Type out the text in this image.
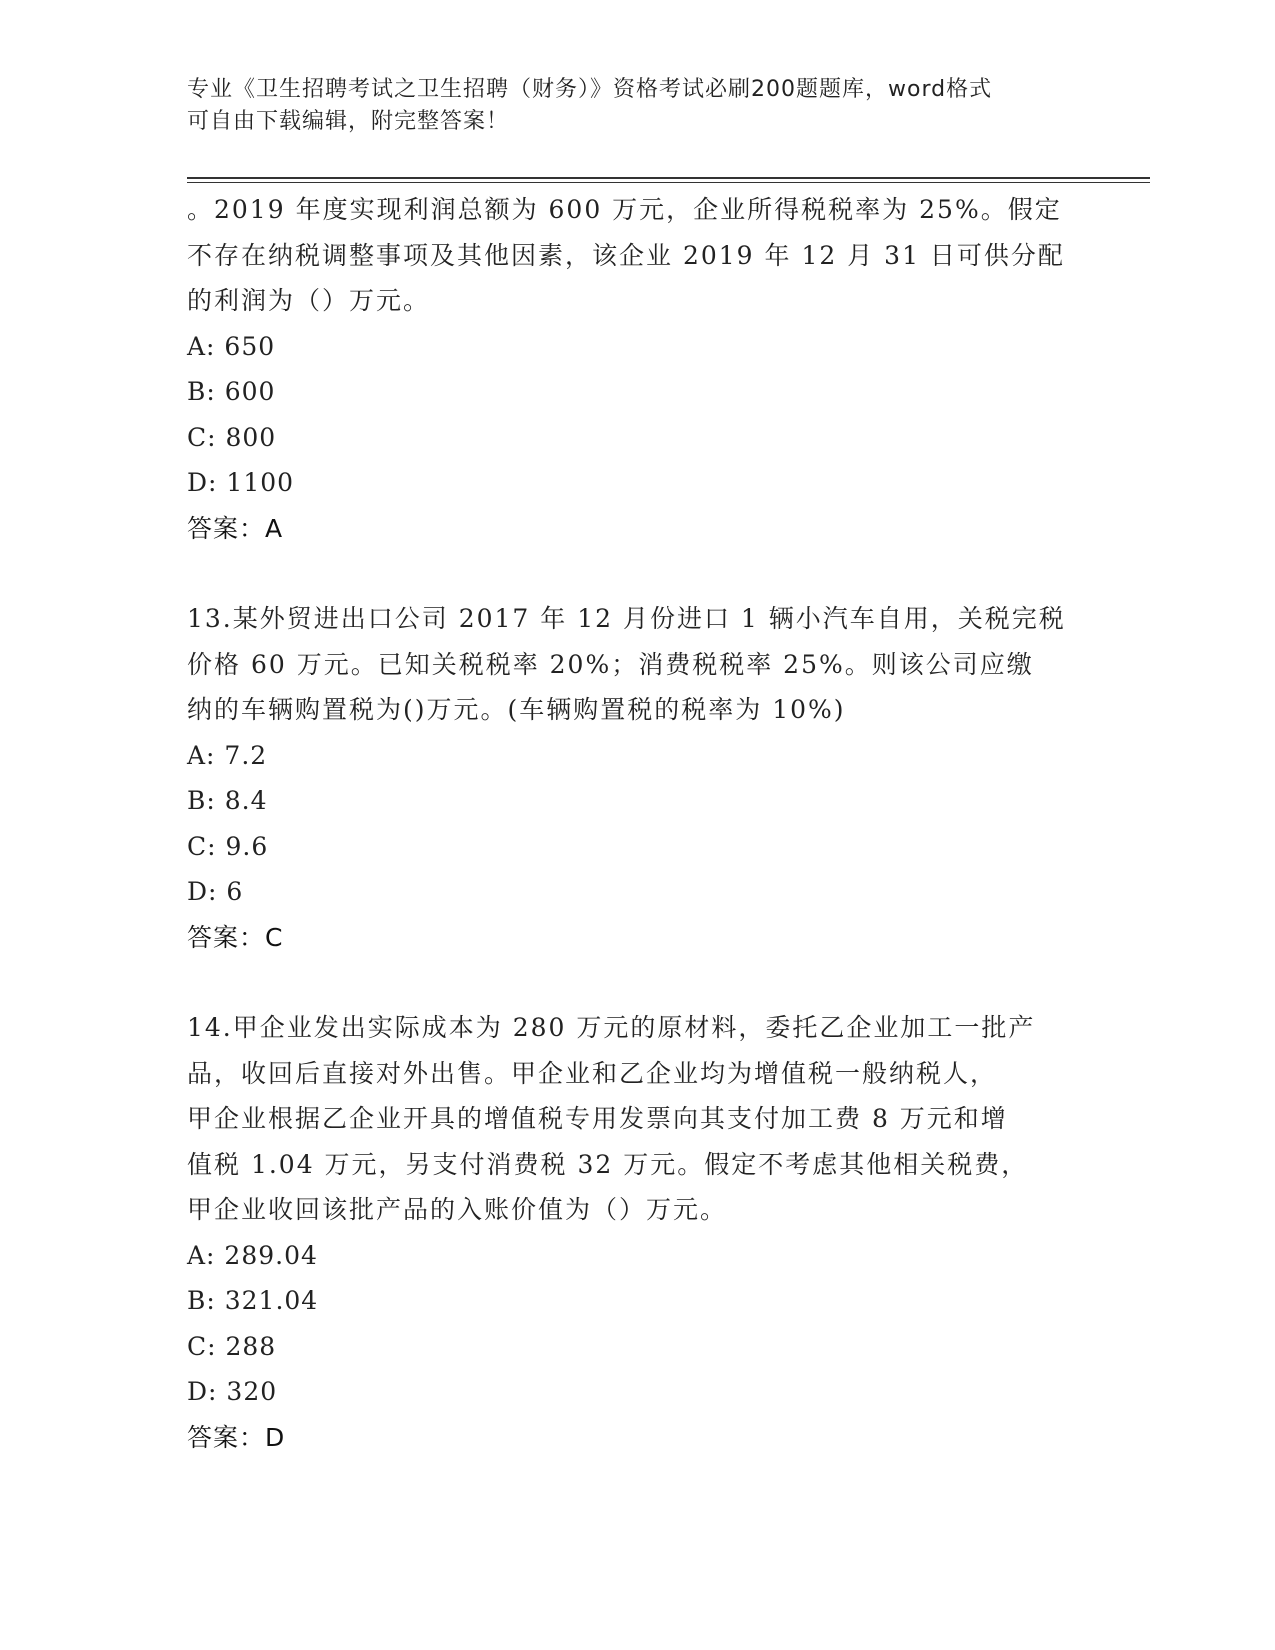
专业《卫生招聘考试之卫生招聘（财务）》资格考试必刷200题题库，word格式
可自由下载编辑，附完整答案！

。2019 年度实现利润总额为 600 万元，企业所得税税率为 25%。假定

不存在纳税调整事项及其他因素，该企业 2019 年 12 月 31 日可供分配

的利润为（）万元。

A: 650

B: 600

C: 800

D: 1100

答案：A

13.某外贸进出口公司 2017 年 12 月份进口 1 辆小汽车自用，关税完税

价格 60 万元。已知关税税率 20%；消费税税率 25%。则该公司应缴

纳的车辆购置税为()万元。(车辆购置税的税率为 10%)

A: 7.2

B: 8.4

C: 9.6

D: 6

答案：C

14.甲企业发出实际成本为 280 万元的原材料，委托乙企业加工一批产

品，收回后直接对外出售。甲企业和乙企业均为增值税一般纳税人，

甲企业根据乙企业开具的增值税专用发票向其支付加工费 8 万元和增

值税 1.04 万元，另支付消费税 32 万元。假定不考虑其他相关税费，

甲企业收回该批产品的入账价值为（）万元。

A: 289.04

B: 321.04

C: 288

D: 320

答案：D
